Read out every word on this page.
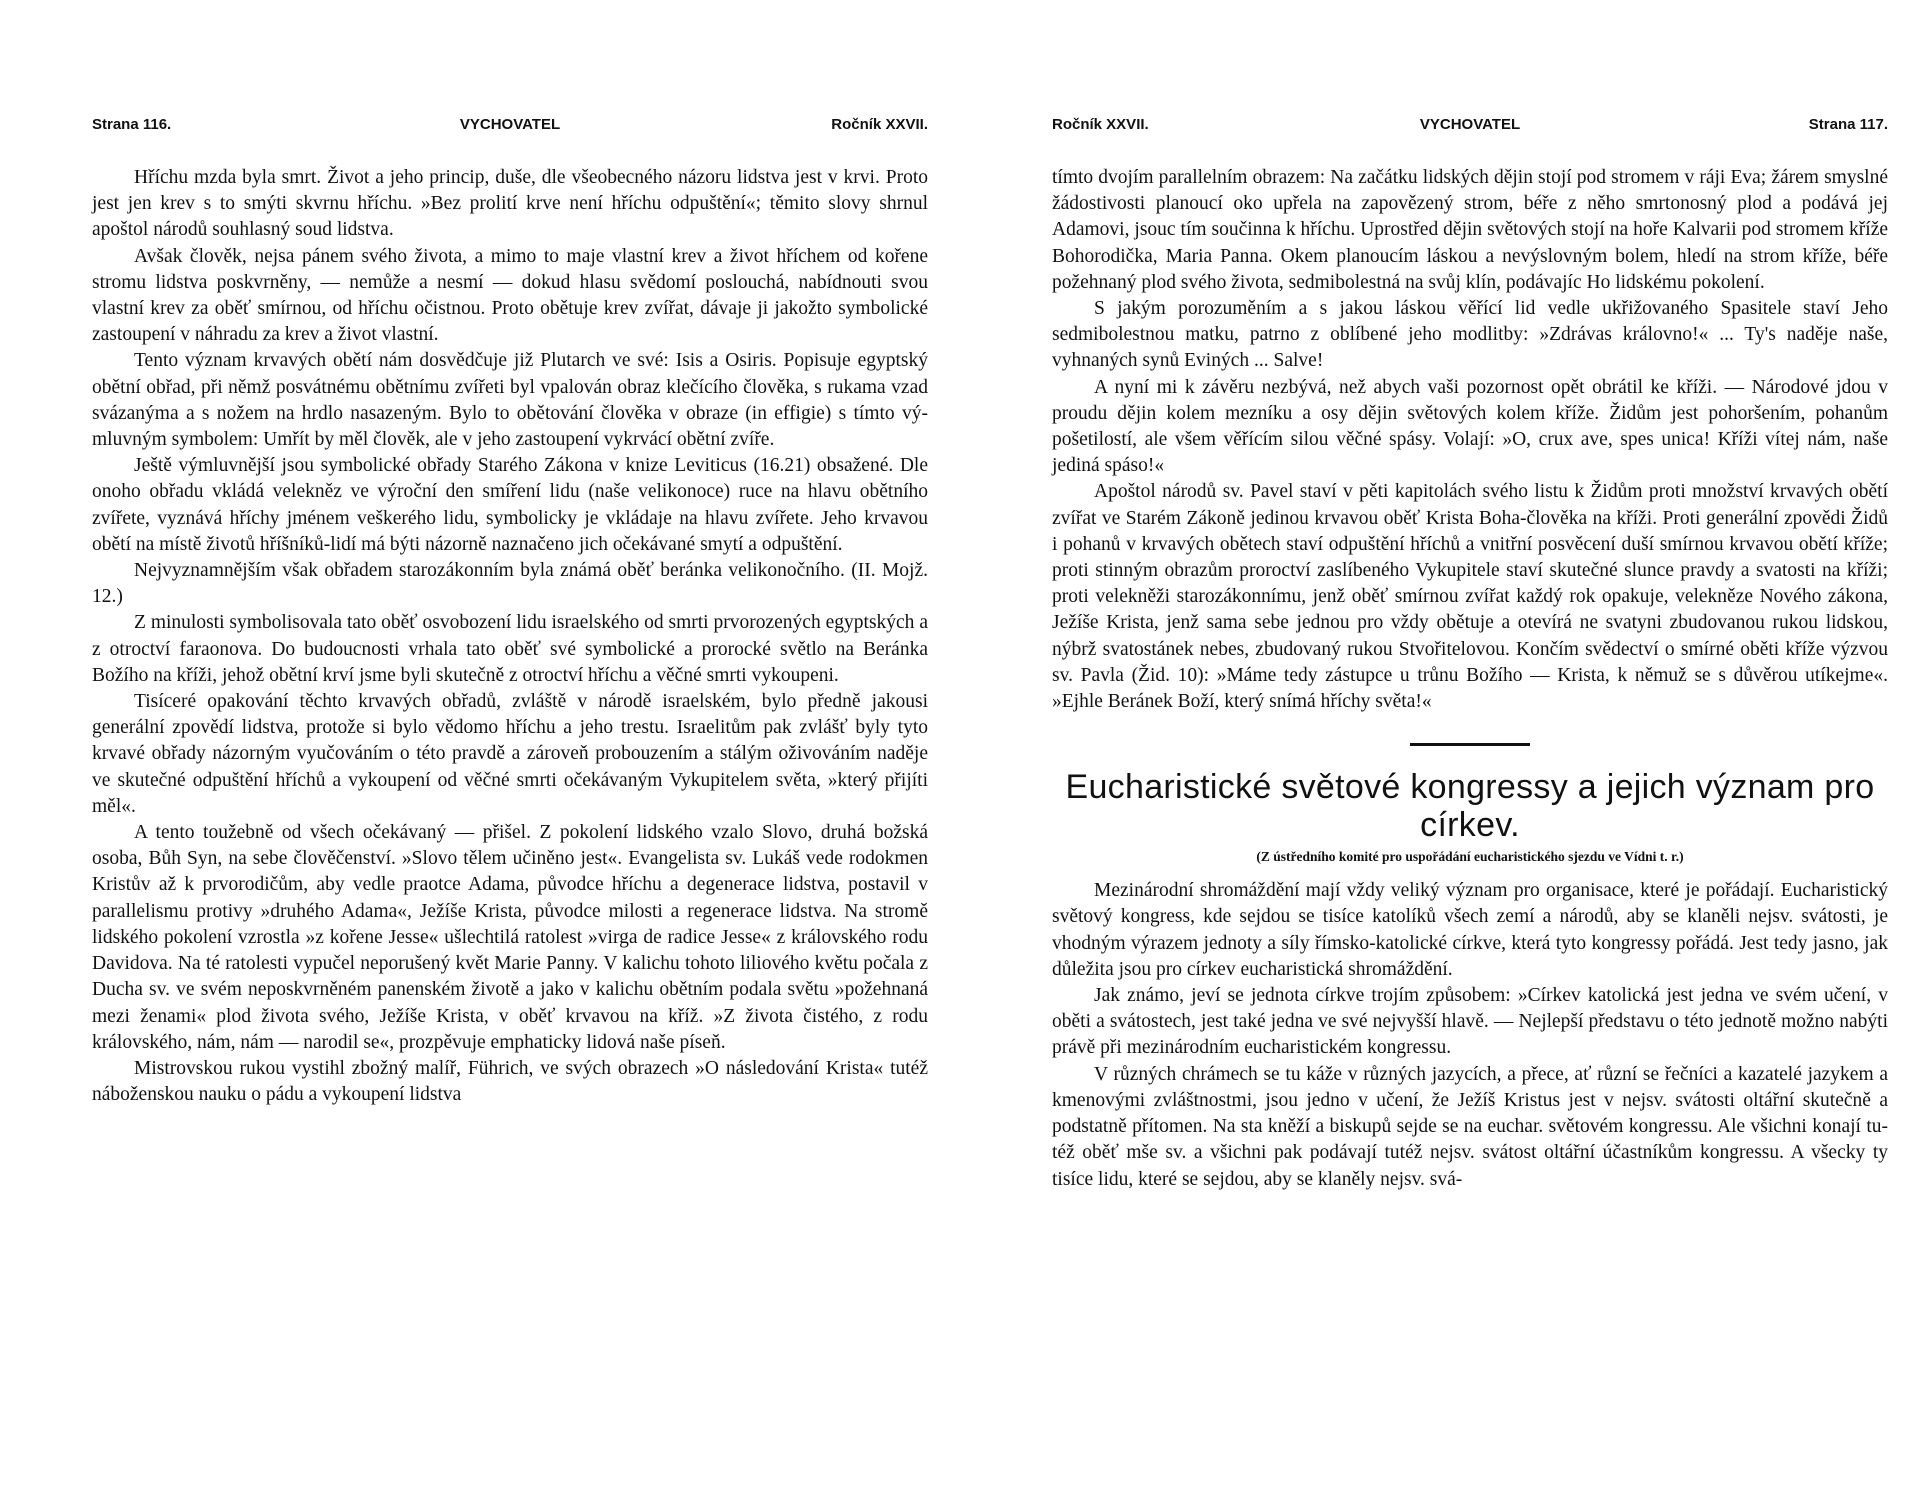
Strana 116.	VYCHOVATEL	Ročník XXVII.

Hříchu mzda byla smrt. Život a jeho princip, duše, dle všeobecného názoru lidstva jest v krvi. Proto jest jen krev s to smýti skvrnu hříchu. »Bez prolití krve není hříchu odpuštění«; těmito slovy shrnul apoštol národů souhlasný soud lidstva.

Avšak člověk, nejsa pánem svého života, a mimo to maje vlastní krev a život hříchem od kořene stromu lidstva poskvrněny, — nemůže a nesmí — dokud hlasu svědomí poslouchá, nabídnouti svou vlastní krev za oběť smírnou, od hříchu očistnou. Proto obětuje krev zvířat, dávaje ji jakožto symbolické zastoupení v náhradu za krev a život vlastní.

Tento význam krvavých obětí nám dosvědčuje již Plutarch ve své: Isis a Osiris. Popisuje egyptský obětní obřad, při němž posvátnému obětnímu zvířeti byl vpalován obraz klečícího člověka, s rukama vzad svázanýma a s nožem na hrdlo nasazeným. Bylo to obětování člověka v obraze (in effigie) s tímto výmluvným symbolem: Umřít by měl člověk, ale v jeho zastoupení vykrvácí obětní zvíře.

Ještě výmluvnější jsou symbolické obřady Starého Zákona v knize Leviticus (16.21) obsažené. Dle onoho obřadu vkládá velekněz ve výroční den smíření lidu (naše velikonoce) ruce na hlavu obětního zvířete, vyznává hříchy jménem veškerého lidu, symbolicky je vkládaje na hlavu zvířete. Jeho krvavou obětí na místě životů hříšníků-lidí má býti názorně naznačeno jich očekávané smytí a odpuštění.

Nejvyznamnějším však obřadem starozákonním byla známá oběť beránka velikonočního. (II. Mojž. 12.)

Z minulosti symbolisovala tato oběť osvobození lidu israelského od smrti prvorozených egyptských a z otroctví faraonova. Do budoucnosti vrhala tato oběť své symbolické a prorocké světlo na Beránka Božího na kříži, jehož obětní krví jsme byli skutečně z otroctví hříchu a věčné smrti vykoupeni.

Tisíceré opakování těchto krvavých obřadů, zvláště v národě israelském, bylo předně jakousi generální zpovědí lidstva, protože si bylo vědomo hříchu a jeho trestu. Israelitům pak zvlášť byly tyto krvavé obřady názorným vyučováním o této pravdě a zároveň probouzením a stálým oživováním naděje ve skutečné odpuštění hříchů a vykoupení od věčné smrti očekávaným Vykupitelem světa, »který přijíti měl«.

A tento toužebně od všech očekávaný — přišel. Z pokolení lidského vzalo Slovo, druhá božská osoba, Bůh Syn, na sebe člověčenství. »Slovo tělem učiněno jest«. Evangelista sv. Lukáš vede rodokmen Kristův až k prvorodičům, aby vedle praotce Adama, původce hříchu a degenerace lidstva, postavil v parallelismu protivy »druhého Adama«, Ježíše Krista, původce milosti a regenerace lidstva. Na stromě lidského pokolení vzrostla »z kořene Jesse« ušlechtilá ratolest »virga de radice Jesse« z královského rodu Davidova. Na té ratolesti vypučel neporušený květ Marie Panny. V kalichu tohoto liliového květu počala z Ducha sv. ve svém neposkvrněném panenském životě a jako v kalichu obětním podala světu »požehnaná mezi ženami« plod života svého, Ježíše Krista, v oběť krvavou na kříž. »Z života čistého, z rodu královského, nám, nám — narodil se«, prozpěvuje emphaticky lidová naše píseň.

Mistrovskou rukou vystihl zbožný malíř, Führich, ve svých obrazech »O následování Krista« tutéž náboženskou nauku o pádu a vykoupení lidstva

Ročník XXVII.	VYCHOVATEL	Strana 117.

tímto dvojím parallelním obrazem: Na začátku lidských dějin stojí pod stromem v ráji Eva; žárem smyslné žádostivosti planoucí oko upřela na zapovězený strom, béře z něho smrtonosný plod a podává jej Adamovi, jsouc tím součinna k hříchu. Uprostřed dějin světových stojí na hoře Kalvarii pod stromem kříže Bohorodička, Maria Panna. Okem planoucím láskou a nevýslovným bolem, hledí na strom kříže, béře požehnaný plod svého života, sedmibolestná na svůj klín, podávajíc Ho lidskému pokolení.

S jakým porozuměním a s jakou láskou věřící lid vedle ukřižovaného Spasitele staví Jeho sedmibolestnou matku, patrno z oblíbené jeho modlitby: »Zdrávas královno!« ... Ty's naděje naše, vyhnaných synů Eviných ... Salve!

A nyní mi k závěru nezbývá, než abych vaši pozornost opět obrátil ke kříži. — Národové jdou v proudu dějin kolem mezníku a osy dějin světových kolem kříže. Židům jest pohoršením, pohanům pošetilostí, ale všem věřícím silou věčné spásy. Volají: »O, crux ave, spes unica! Kříži vítej nám, naše jediná spáso!«

Apoštol národů sv. Pavel staví v pěti kapitolách svého listu k Židům proti množství krvavých obětí zvířat ve Starém Zákoně jedinou krvavou oběť Krista Boha-člověka na kříži. Proti generální zpovědi Židů i pohanů v krvavých obětech staví odpuštění hříchů a vnitřní posvěcení duší smírnou krvavou obětí kříže; proti stinným obrazům proroctví zaslíbeného Vykupitele staví skutečné slunce pravdy a svatosti na kříži; proti velekněži starozákonnímu, jenž oběť smírnou zvířat každý rok opakuje, velekněze Nového zákona, Ježíše Krista, jenž sama sebe jednou pro vždy obětuje a otevírá ne svatyni zbudovanou rukou lidskou, nýbrž svatostánek nebes, zbudovaný rukou Stvořitelovou. Končím svědectví o smírné oběti kříže výzvou sv. Pavla (Žid. 10): »Máme tedy zástupce u trůnu Božího — Krista, k němuž se s důvěrou utíkejme«. »Ejhle Beránek Boží, který snímá hříchy světa!«

Eucharistické světové kongressy a jejich význam pro církev.
(Z ústředního komité pro uspořádání eucharistického sjezdu ve Vídni t. r.)

Mezinárodní shromáždění mají vždy veliký význam pro organisace, které je pořádají. Eucharistický světový kongress, kde sejdou se tisíce katolíků všech zemí a národů, aby se klaněli nejsv. svátosti, je vhodným výrazem jednoty a síly římsko-katolické církve, která tyto kongressy pořádá. Jest tedy jasno, jak důležita jsou pro církev eucharistická shromáždění.

Jak známo, jeví se jednota církve trojím způsobem: »Církev katolická jest jedna ve svém učení, v oběti a svátostech, jest také jedna ve své nejvyšší hlavě. — Nejlepší představu o této jednotě možno nabýti právě při mezinárodním eucharistickém kongressu.

V různých chrámech se tu káže v různých jazycích, a přece, ať různí se řečníci a kazatelé jazykem a kmenovými zvláštnostmi, jsou jedno v učení, že Ježíš Kristus jest v nejsv. svátosti oltářní skutečně a podstatně přítomen. Na sta kněží a biskupů sejde se na euchar. světovém kongressu. Ale všichni konají tutéž oběť mše sv. a všichni pak podávají tutéž nejsv. svátost oltářní účastníkům kongressu. A všecky ty tisíce lidu, které se sejdou, aby se klaněly nejsv. svá-
